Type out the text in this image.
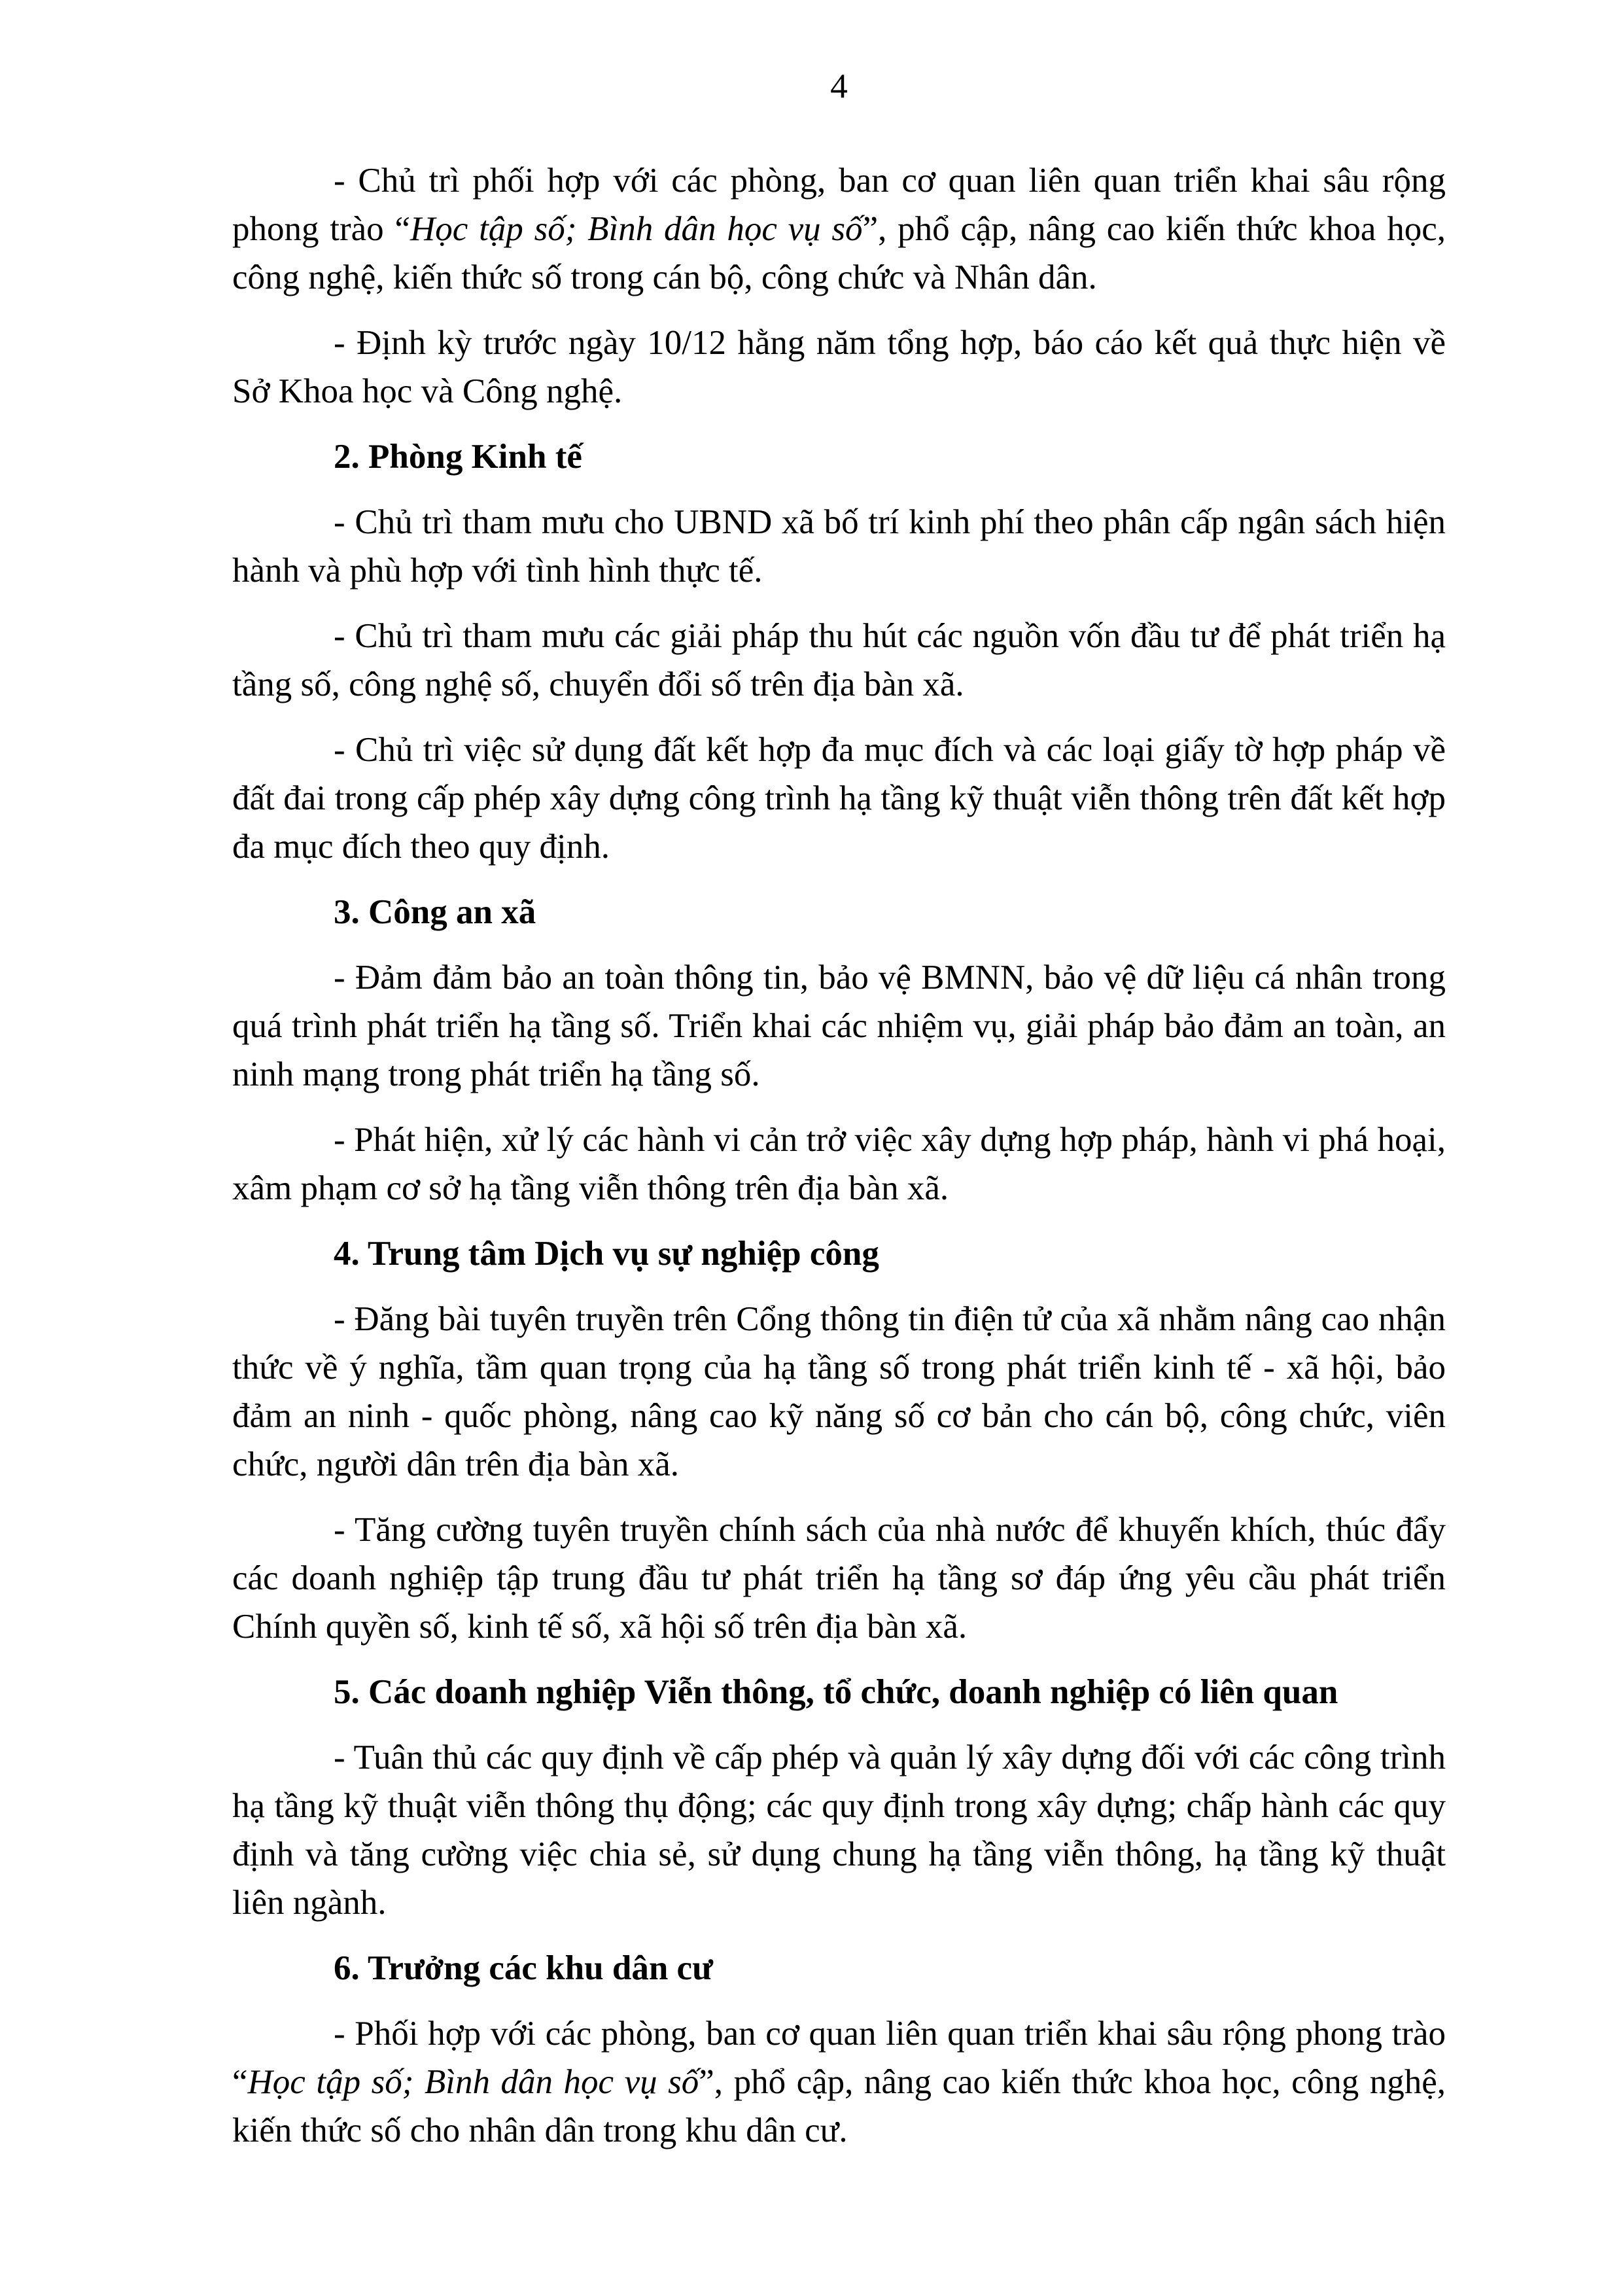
4

- Chủ trì phối hợp với các phòng, ban cơ quan liên quan triển khai sâu rộng phong trào “Học tập số; Bình dân học vụ số”, phổ cập, nâng cao kiến thức khoa học, công nghệ, kiến thức số trong cán bộ, công chức và Nhân dân.

- Định kỳ trước ngày 10/12 hằng năm tổng hợp, báo cáo kết quả thực hiện về Sở Khoa học và Công nghệ.

2. Phòng Kinh tế

- Chủ trì tham mưu cho UBND xã bố trí kinh phí theo phân cấp ngân sách hiện hành và phù hợp với tình hình thực tế.

- Chủ trì tham mưu các giải pháp thu hút các nguồn vốn đầu tư để phát triển hạ tầng số, công nghệ số, chuyển đổi số trên địa bàn xã.

- Chủ trì việc sử dụng đất kết hợp đa mục đích và các loại giấy tờ hợp pháp về đất đai trong cấp phép xây dựng công trình hạ tầng kỹ thuật viễn thông trên đất kết hợp đa mục đích theo quy định.

3. Công an xã

- Đảm đảm bảo an toàn thông tin, bảo vệ BMNN, bảo vệ dữ liệu cá nhân trong quá trình phát triển hạ tầng số. Triển khai các nhiệm vụ, giải pháp bảo đảm an toàn, an ninh mạng trong phát triển hạ tầng số.

- Phát hiện, xử lý các hành vi cản trở việc xây dựng hợp pháp, hành vi phá hoại, xâm phạm cơ sở hạ tầng viễn thông trên địa bàn xã.

4. Trung tâm Dịch vụ sự nghiệp công

- Đăng bài tuyên truyền trên Cổng thông tin điện tử của xã nhằm nâng cao nhận thức về ý nghĩa, tầm quan trọng của hạ tầng số trong phát triển kinh tế - xã hội, bảo đảm an ninh - quốc phòng, nâng cao kỹ năng số cơ bản cho cán bộ, công chức, viên chức, người dân trên địa bàn xã.

- Tăng cường tuyên truyền chính sách của nhà nước để khuyến khích, thúc đẩy các doanh nghiệp tập trung đầu tư phát triển hạ tầng sơ đáp ứng yêu cầu phát triển Chính quyền số, kinh tế số, xã hội số trên địa bàn xã.

5. Các doanh nghiệp Viễn thông, tổ chức, doanh nghiệp có liên quan

- Tuân thủ các quy định về cấp phép và quản lý xây dựng đối với các công trình hạ tầng kỹ thuật viễn thông thụ động; các quy định trong xây dựng; chấp hành các quy định và tăng cường việc chia sẻ, sử dụng chung hạ tầng viễn thông, hạ tầng kỹ thuật liên ngành.

6. Trưởng các khu dân cư

- Phối hợp với các phòng, ban cơ quan liên quan triển khai sâu rộng phong trào “Học tập số; Bình dân học vụ số”, phổ cập, nâng cao kiến thức khoa học, công nghệ, kiến thức số cho nhân dân trong khu dân cư.
